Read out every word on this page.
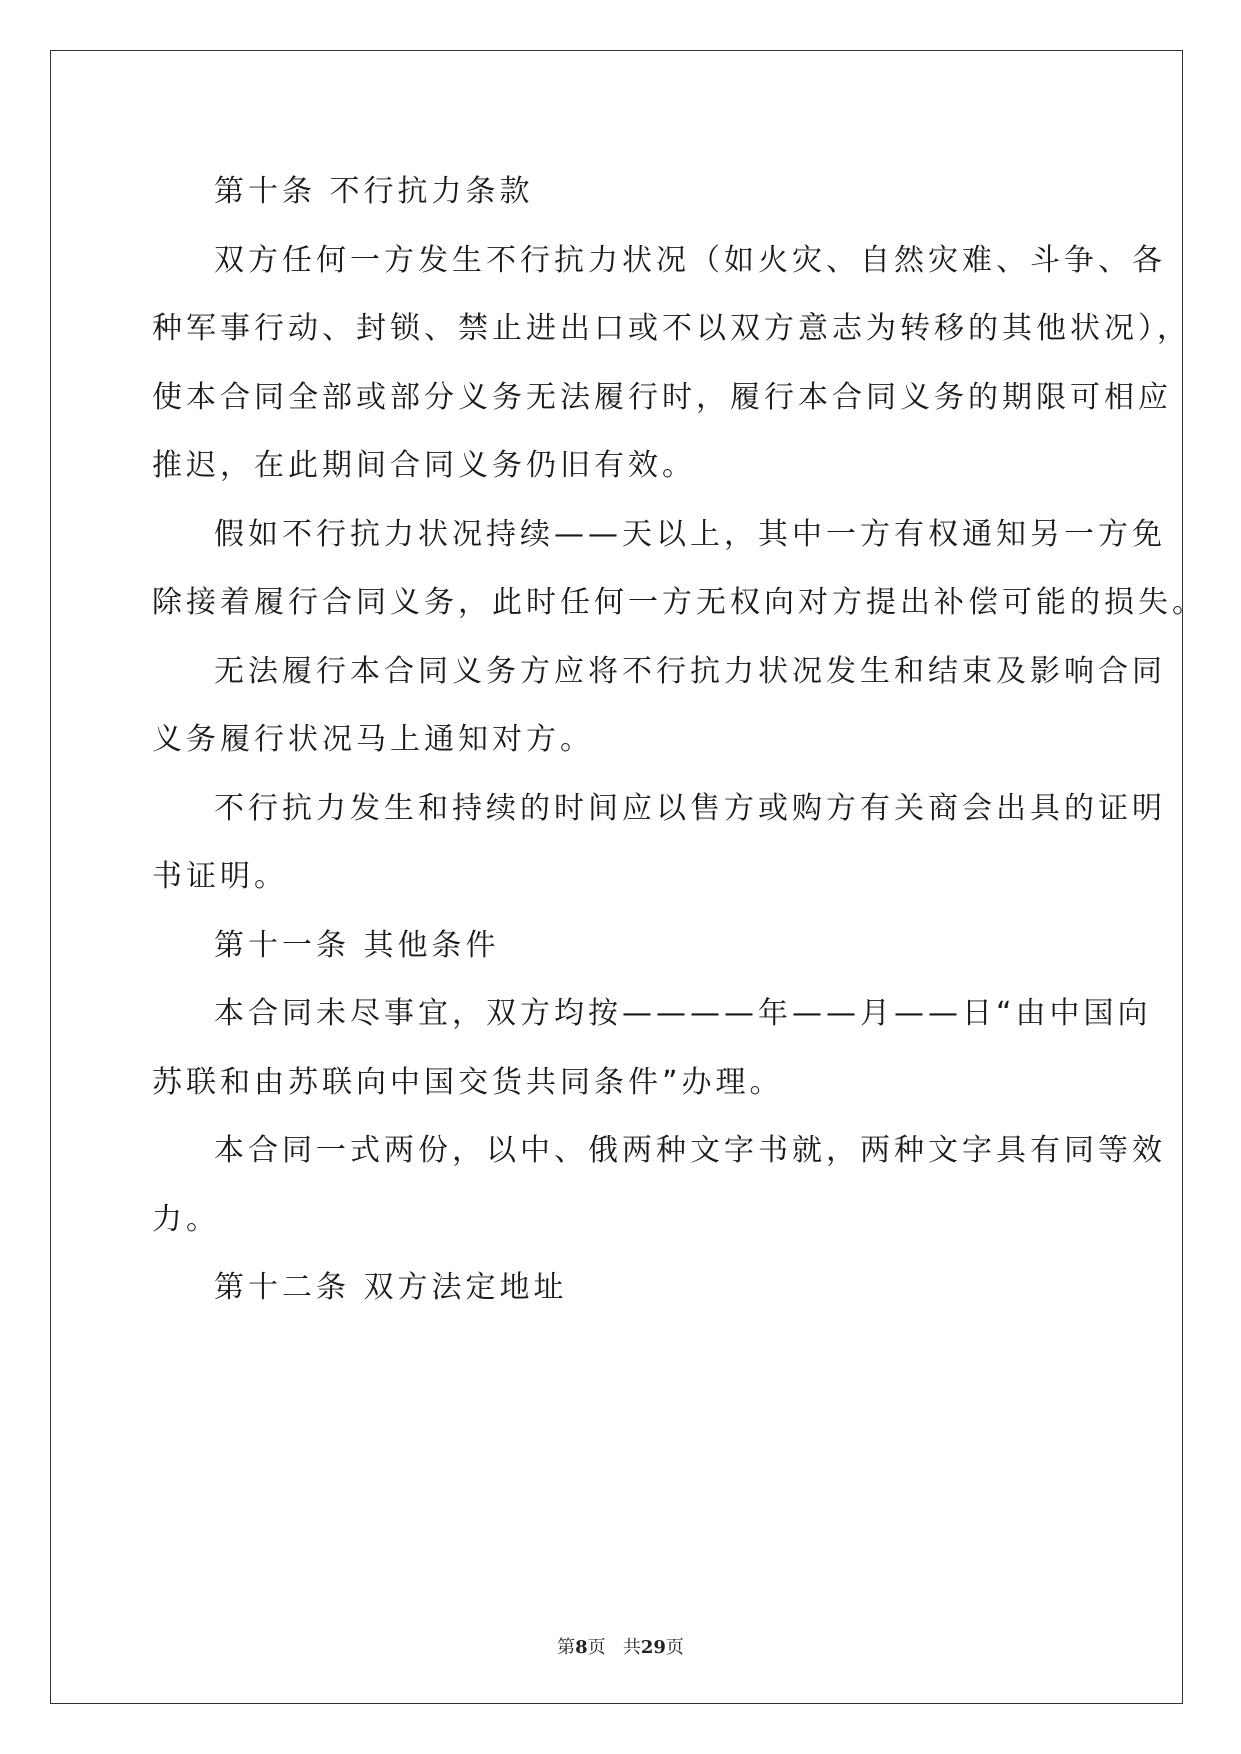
第十条 不行抗力条款
双方任何一方发生不行抗力状况（如火灾、自然灾难、斗争、各
种军事行动、封锁、禁止进出口或不以双方意志为转移的其他状况），
使本合同全部或部分义务无法履行时，履行本合同义务的期限可相应
推迟，在此期间合同义务仍旧有效。
假如不行抗力状况持续——天以上，其中一方有权通知另一方免
除接着履行合同义务，此时任何一方无权向对方提出补偿可能的损失。
无法履行本合同义务方应将不行抗力状况发生和结束及影响合同
义务履行状况马上通知对方。
不行抗力发生和持续的时间应以售方或购方有关商会出具的证明
书证明。
第十一条 其他条件
本合同未尽事宜，双方均按————年——月——日“由中国向
苏联和由苏联向中国交货共同条件”办理。
本合同一式两份，以中、俄两种文字书就，两种文字具有同等效
力。
第十二条 双方法定地址
第8页 共29页
